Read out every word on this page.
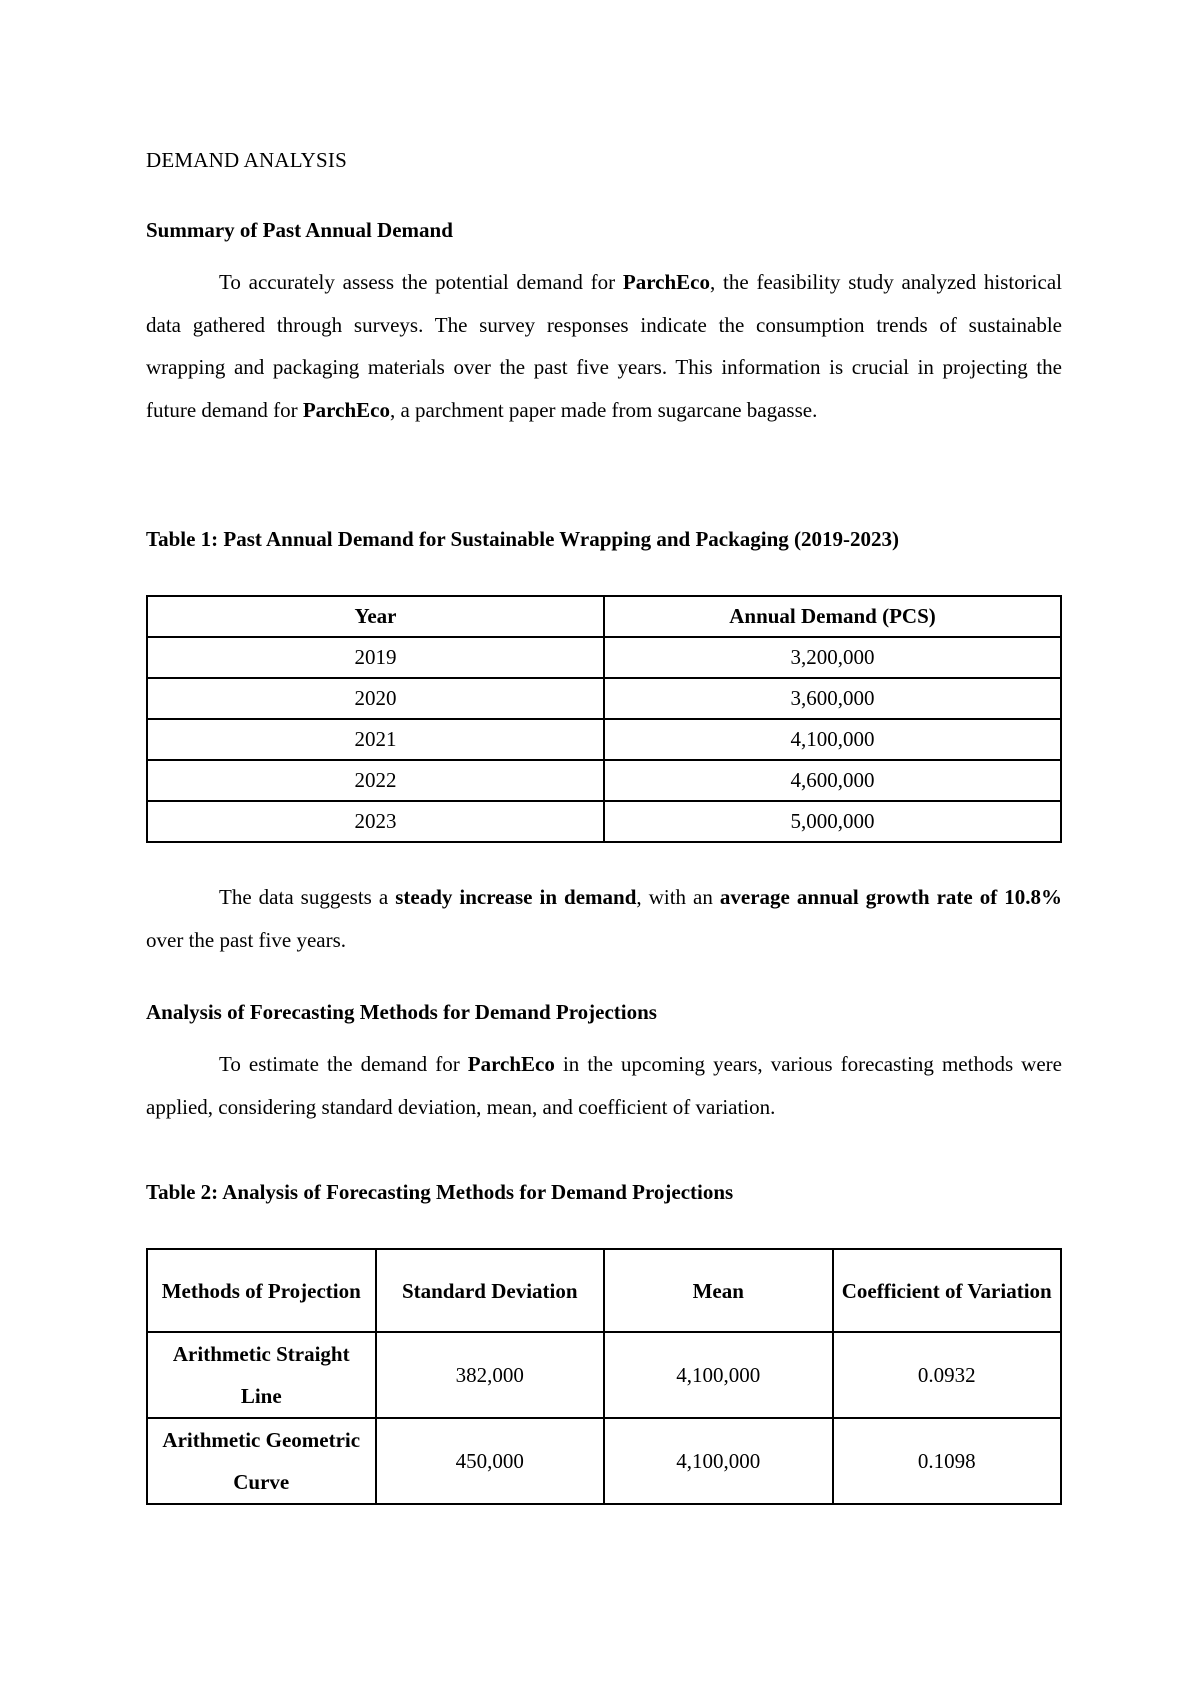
DEMAND ANALYSIS
Summary of Past Annual Demand

To accurately assess the potential demand for ParchEco, the feasibility study analyzed historical data gathered through surveys. The survey responses indicate the consumption trends of sustainable wrapping and packaging materials over the past five years. This information is crucial in projecting the future demand for ParchEco, a parchment paper made from sugarcane bagasse.

Table 1: Past Annual Demand for Sustainable Wrapping and Packaging (2019-2023)
Year	Annual Demand (PCS)
2019	3,200,000
2020	3,600,000
2021	4,100,000
2022	4,600,000
2023	5,000,000

The data suggests a steady increase in demand, with an average annual growth rate of 10.8% over the past five years.

Analysis of Forecasting Methods for Demand Projections

To estimate the demand for ParchEco in the upcoming years, various forecasting methods were applied, considering standard deviation, mean, and coefficient of variation.

Table 2: Analysis of Forecasting Methods for Demand Projections
Methods of Projection	Standard Deviation	Mean	Coefficient of Variation
Arithmetic Straight Line	382,000	4,100,000	0.0932
Arithmetic Geometric Curve	450,000	4,100,000	0.1098
